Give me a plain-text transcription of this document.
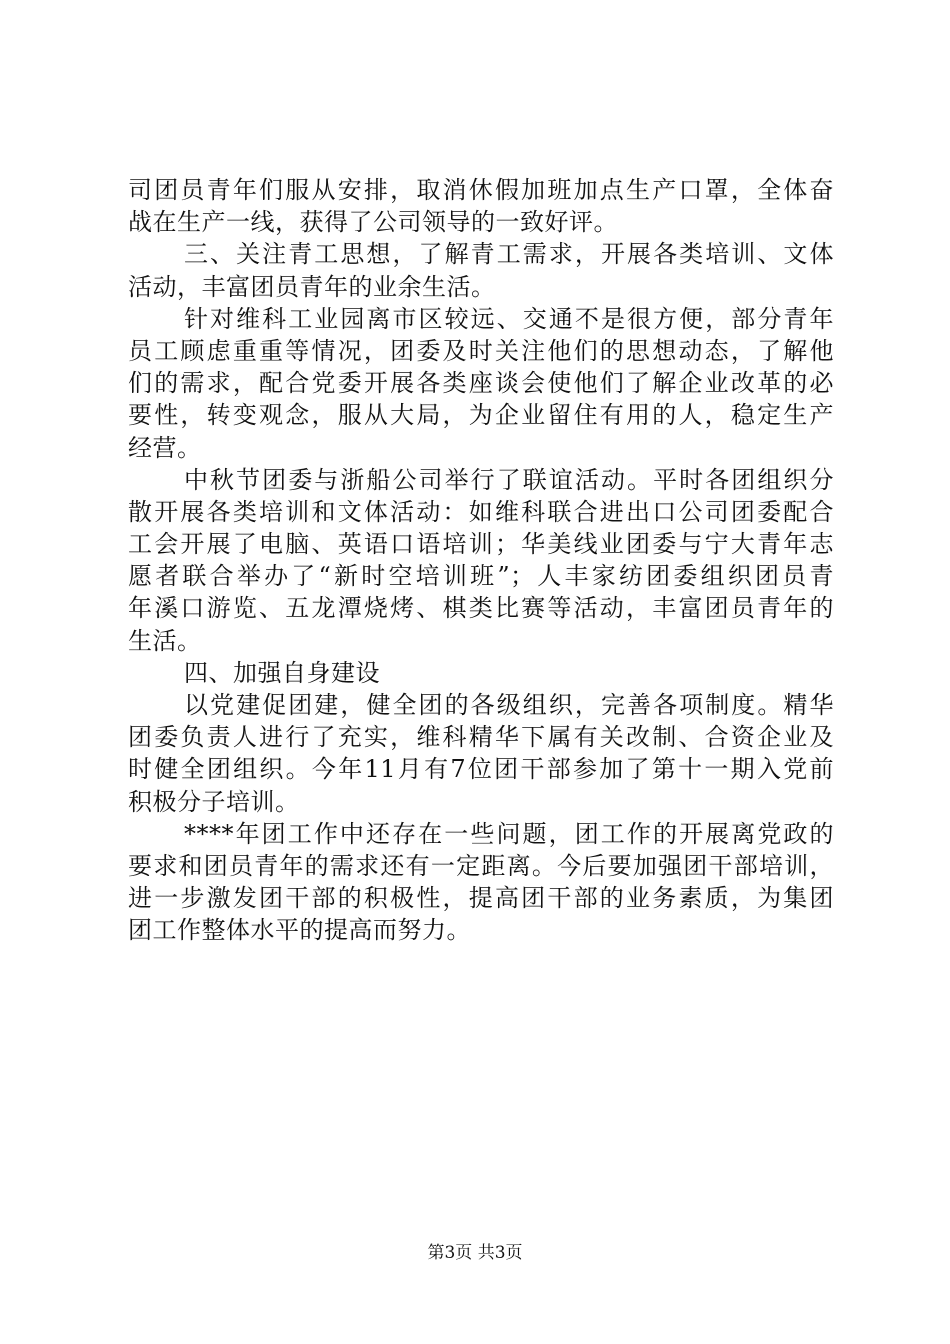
司团员青年们服从安排，取消休假加班加点生产口罩，全体奋
战在生产一线，获得了公司领导的一致好评。
三、关注青工思想，了解青工需求，开展各类培训、文体
活动，丰富团员青年的业余生活。
针对维科工业园离市区较远、交通不是很方便，部分青年
员工顾虑重重等情况，团委及时关注他们的思想动态，了解他
们的需求，配合党委开展各类座谈会使他们了解企业改革的必
要性，转变观念，服从大局，为企业留住有用的人，稳定生产
经营。
中秋节团委与浙船公司举行了联谊活动。平时各团组织分
散开展各类培训和文体活动：如维科联合进出口公司团委配合
工会开展了电脑、英语口语培训；华美线业团委与宁大青年志
愿者联合举办了“新时空培训班”；人丰家纺团委组织团员青
年溪口游览、五龙潭烧烤、棋类比赛等活动，丰富团员青年的
生活。
四、加强自身建设
以党建促团建，健全团的各级组织，完善各项制度。精华
团委负责人进行了充实，维科精华下属有关改制、合资企业及
时健全团组织。今年11月有7位团干部参加了第十一期入党前
积极分子培训。
****年团工作中还存在一些问题，团工作的开展离党政的
要求和团员青年的需求还有一定距离。今后要加强团干部培训，
进一步激发团干部的积极性，提高团干部的业务素质，为集团
团工作整体水平的提高而努力。
第3页 共3页
